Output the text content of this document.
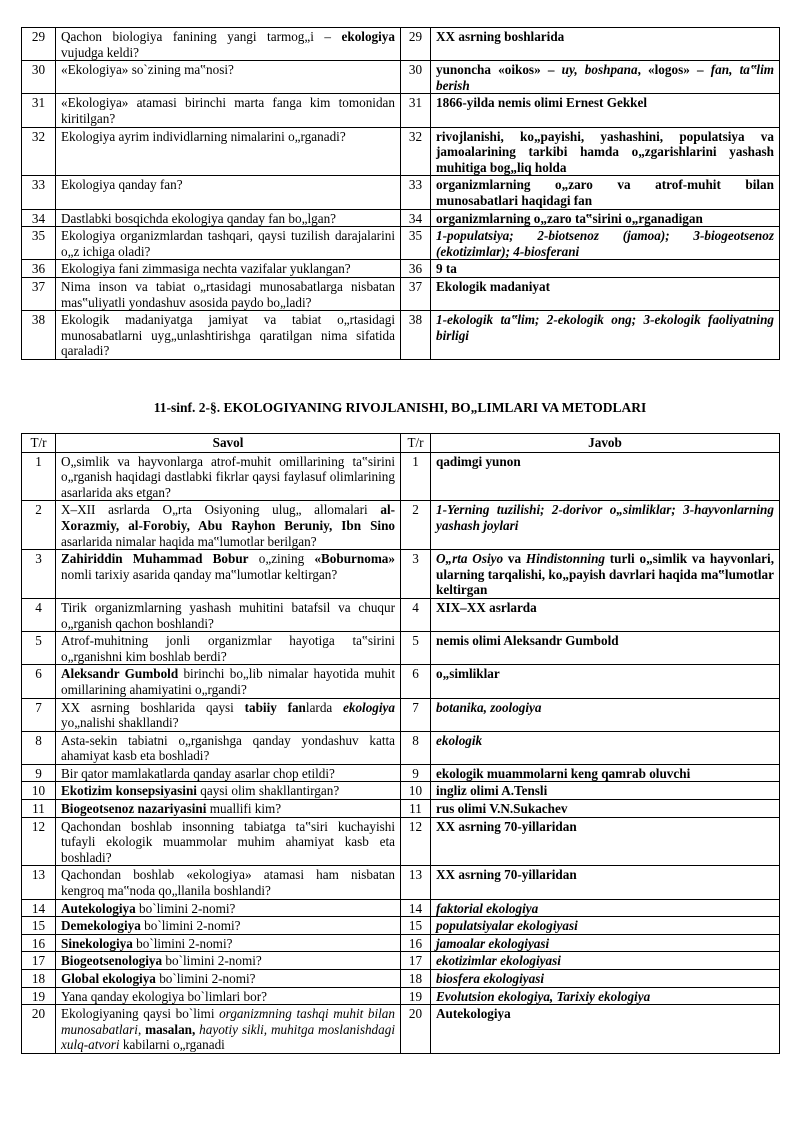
29	Qachon biologiya fanining yangi tarmog„i – ekologiya vujudga keldi?	29	XX asrning boshlarida
30	«Ekologiya» so`zining ma‟nosi?	30	yunoncha «oikos» – uy, boshpana, «logos» – fan, ta‟lim berish
31	«Ekologiya» atamasi birinchi marta fanga kim tomonidan kiritilgan?	31	1866-yilda nemis olimi Ernest Gekkel
32	Ekologiya ayrim individlarning nimalarini o„rganadi?	32	rivojlanishi, ko„payishi, yashashini, populatsiya va jamoalarining tarkibi hamda o„zgarishlarini yashash muhitiga bog„liq holda
33	Ekologiya qanday fan?	33	organizmlarning o„zaro va atrof-muhit bilan munosabatlari haqidagi fan
34	Dastlabki bosqichda ekologiya qanday fan bo„lgan?	34	organizmlarning o„zaro ta‟sirini o„rganadigan
35	Ekologiya organizmlardan tashqari, qaysi tuzilish darajalarini o„z ichiga oladi?	35	1-populatsiya; 2-biotsenoz (jamoa); 3-biogeotsenoz (ekotizimlar); 4-biosferani
36	Ekologiya fani zimmasiga nechta vazifalar yuklangan?	36	9 ta
37	Nima inson va tabiat o„rtasidagi munosabatlarga nisbatan mas‟uliyatli yondashuv asosida paydo bo„ladi?	37	Ekologik madaniyat
38	Ekologik madaniyatga jamiyat va tabiat o„rtasidagi munosabatlarni uyg„unlashtirishga qaratilgan nima sifatida qaraladi?	38	1-ekologik ta‟lim; 2-ekologik ong; 3-ekologik faoliyatning birligi
11-sinf. 2-§. EKOLOGIYANING RIVOJLANISHI, BO„LIMLARI VA METODLARI
T/r	Savol	T/r	Javob
1	O„simlik va hayvonlarga atrof-muhit omillarining ta‟sirini o„rganish haqidagi dastlabki fikrlar qaysi faylasuf olimlarining asarlarida aks etgan?	1	qadimgi yunon
2	X–XII asrlarda O„rta Osiyoning ulug„ allomalari al-Xorazmiy, al-Forobiy, Abu Rayhon Beruniy, Ibn Sino asarlarida nimalar haqida ma‟lumotlar berilgan?	2	1-Yerning tuzilishi; 2-dorivor o„simliklar; 3-hayvonlarning yashash joylari
3	Zahiriddin Muhammad Bobur o„zining «Boburnoma» nomli tarixiy asarida qanday ma‟lumotlar keltirgan?	3	O„rta Osiyo va Hindistonning turli o„simlik va hayvonlari, ularning tarqalishi, ko„payish davrlari haqida ma‟lumotlar keltirgan
4	Tirik organizmlarning yashash muhitini batafsil va chuqur o„rganish qachon boshlandi?	4	XIX–XX asrlarda
5	Atrof-muhitning jonli organizmlar hayotiga ta‟sirini o„rganishni kim boshlab berdi?	5	nemis olimi Aleksandr Gumbold
6	Aleksandr Gumbold birinchi bo„lib nimalar hayotida muhit omillarining ahamiyatini o„rgandi?	6	o„simliklar
7	XX asrning boshlarida qaysi tabiiy fanlarda ekologiya yo„nalishi shakllandi?	7	botanika, zoologiya
8	Asta-sekin tabiatni o„rganishga qanday yondashuv katta ahamiyat kasb eta boshladi?	8	ekologik
9	Bir qator mamlakatlarda qanday asarlar chop etildi?	9	ekologik muammolarni keng qamrab oluvchi
10	Ekotizim konsepsiyasini qaysi olim shakllantirgan?	10	ingliz olimi A.Tensli
11	Biogeotsenoz nazariyasini muallifi kim?	11	rus olimi V.N.Sukachev
12	Qachondan boshlab insonning tabiatga ta‟siri kuchayishi tufayli ekologik muammolar muhim ahamiyat kasb eta boshladi?	12	XX asrning 70-yillaridan
13	Qachondan boshlab «ekologiya» atamasi ham nisbatan kengroq ma‟noda qo„llanila boshlandi?	13	XX asrning 70-yillaridan
14	Autekologiya bo`limini 2-nomi?	14	faktorial ekologiya
15	Demekologiya bo`limini 2-nomi?	15	populatsiyalar ekologiyasi
16	Sinekologiya bo`limini 2-nomi?	16	jamoalar ekologiyasi
17	Biogeotsenologiya bo`limini 2-nomi?	17	ekotizimlar ekologiyasi
18	Global ekologiya bo`limini 2-nomi?	18	biosfera ekologiyasi
19	Yana qanday ekologiya bo`limlari bor?	19	Evolutsion ekologiya, Tarixiy ekologiya
20	Ekologiyaning qaysi bo`limi organizmning tashqi muhit bilan munosabatlari, masalan, hayotiy sikli, muhitga moslanishdagi xulq-atvori kabilarni o„rganadi	20	Autekologiya
